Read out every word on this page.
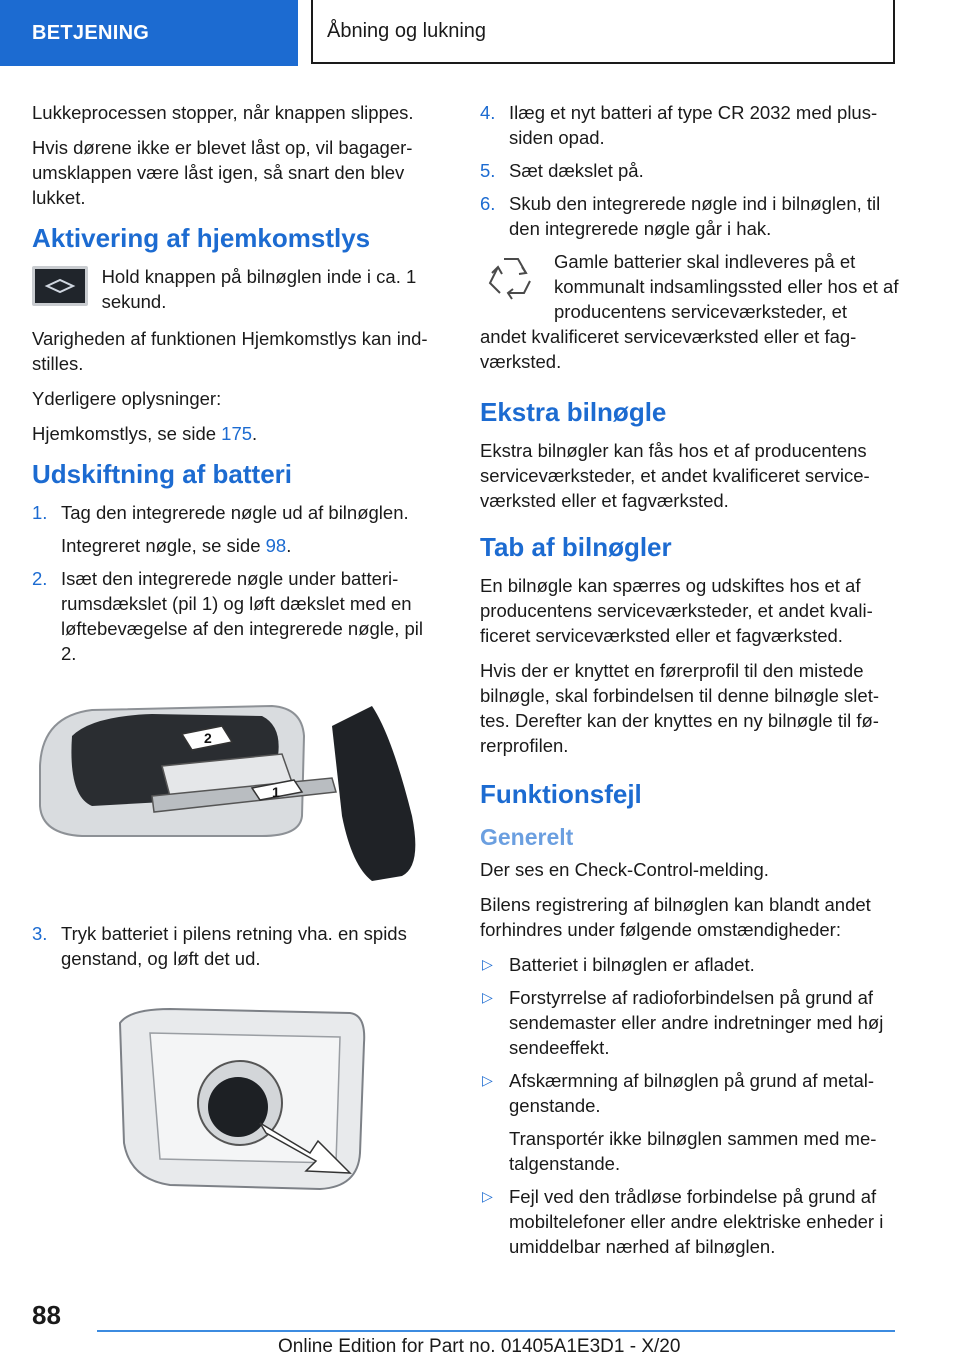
BETJENING	Åbning og lukning

Lukkeprocessen stopper, når knappen slippes.

Hvis dørene ikke er blevet låst op, vil bagagerumsklappen være låst igen, så snart den blev lukket.

Aktivering af hjemkomstlys

Hold knappen på bilnøglen inde i ca. 1 sekund.

Varigheden af funktionen Hjemkomstlys kan indstilles.

Yderligere oplysninger:

Hjemkomstlys, se side 175.

Udskiftning af batteri
1. Tag den integrerede nøgle ud af bilnøglen.
Integreret nøgle, se side 98.
2. Isæt den integrerede nøgle under batterirumsdækslet (pil 1) og løft dækslet med en løftebevægelse af den integrerede nøgle, pil 2.
2
1
3. Tryk batteriet i pilens retning vha. en spids genstand, og løft det ud.
4. Ilæg et nyt batteri af type CR 2032 med plussiden opad.
5. Sæt dækslet på.
6. Skub den integrerede nøgle ind i bilnøglen, til den integrerede nøgle går i hak.

Gamle batterier skal indleveres på et kommunalt indsamlingssted eller hos et af producentens serviceværksteder, et

andet kvalificeret serviceværksted eller et fagværksted.

Ekstra bilnøgle

Ekstra bilnøgler kan fås hos et af producentens serviceværksteder, et andet kvalificeret serviceværksted eller et fagværksted.

Tab af bilnøgler

En bilnøgle kan spærres og udskiftes hos et af producentens serviceværksteder, et andet kvalificeret serviceværksted eller et fagværksted.

Hvis der er knyttet en førerprofil til den mistede bilnøgle, skal forbindelsen til denne bilnøgle slettes. Derefter kan der knyttes en ny bilnøgle til førerprofilen.

Funktionsfejl
Generelt

Der ses en Check-Control-melding.

Bilens registrering af bilnøglen kan blandt andet forhindres under følgende omstændigheder:

▷ Batteriet i bilnøglen er afladet.
▷ Forstyrrelse af radioforbindelsen på grund af sendemaster eller andre indretninger med høj sendeeffekt.
▷ Afskærmning af bilnøglen på grund af metalgenstande.
Transportér ikke bilnøglen sammen med metalgenstande.
▷ Fejl ved den trådløse forbindelse på grund af mobiltelefoner eller andre elektriske enheder i umiddelbar nærhed af bilnøglen.
88
Online Edition for Part no. 01405A1E3D1 - X/20
